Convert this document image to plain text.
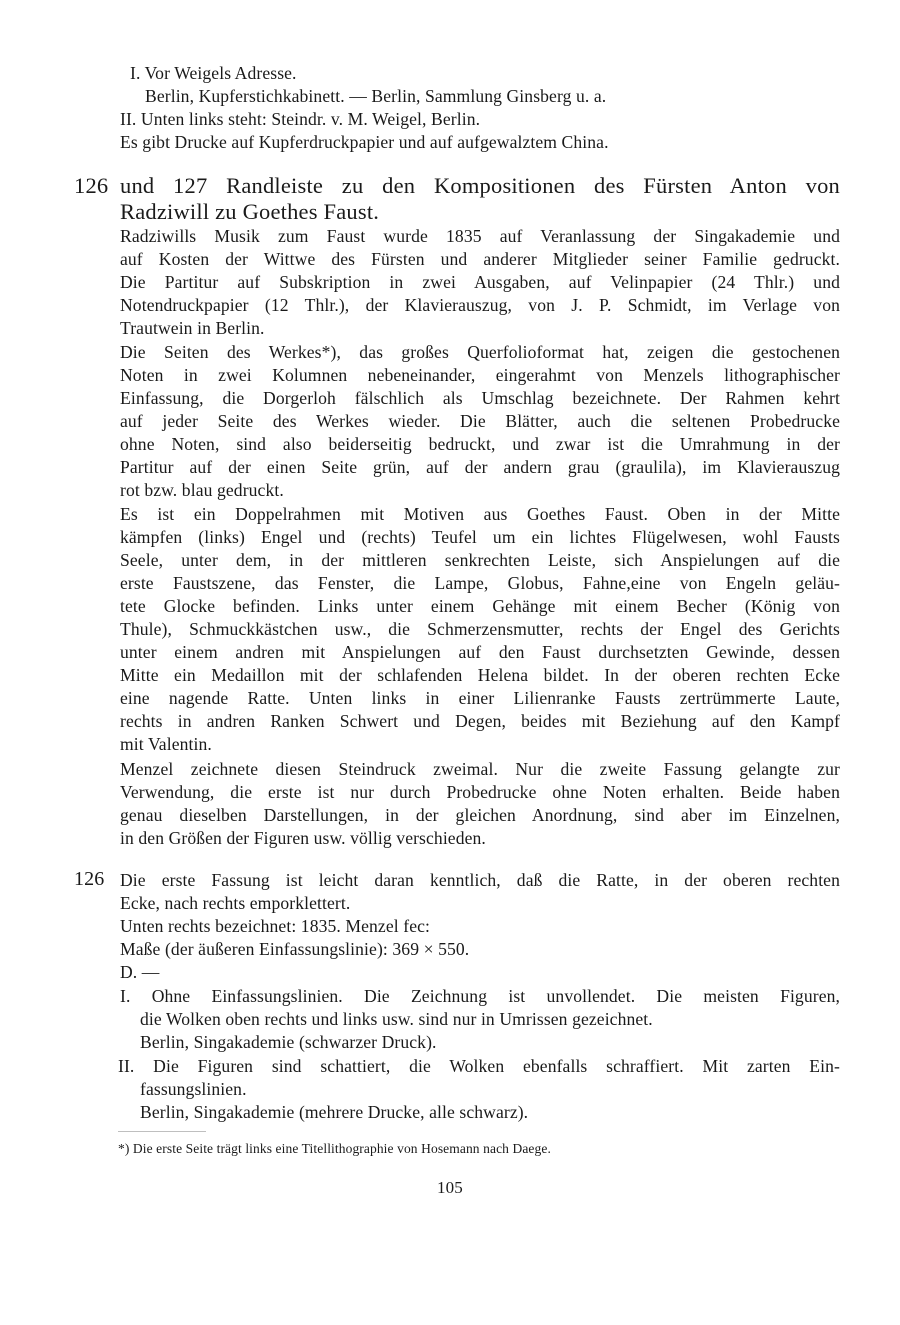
I. Vor Weigels Adresse.
Berlin, Kupferstichkabinett. — Berlin, Sammlung Ginsberg u. a.
II. Unten links steht: Steindr. v. M. Weigel, Berlin.
Es gibt Drucke auf Kupferdruckpapier und auf aufgewalztem China.
126 und 127 Randleiste zu den Kompositionen des Fürsten Anton von
Radziwill zu Goethes Faust.
Radziwills Musik zum Faust wurde 1835 auf Veranlassung der Singakademie und
auf Kosten der Wittwe des Fürsten und anderer Mitglieder seiner Familie gedruckt.
Die Partitur auf Subskription in zwei Ausgaben, auf Velinpapier (24 Thlr.) und
Notendruckpapier (12 Thlr.), der Klavierauszug, von J. P. Schmidt, im Verlage von
Trautwein in Berlin.
Die Seiten des Werkes*), das großes Querfolioformat hat, zeigen die gestochenen
Noten in zwei Kolumnen nebeneinander, eingerahmt von Menzels lithographischer
Einfassung, die Dorgerloh fälschlich als Umschlag bezeichnete. Der Rahmen kehrt
auf jeder Seite des Werkes wieder. Die Blätter, auch die seltenen Probedrucke
ohne Noten, sind also beiderseitig bedruckt, und zwar ist die Umrahmung in der
Partitur auf der einen Seite grün, auf der andern grau (graulila), im Klavierauszug
rot bzw. blau gedruckt.
Es ist ein Doppelrahmen mit Motiven aus Goethes Faust. Oben in der Mitte
kämpfen (links) Engel und (rechts) Teufel um ein lichtes Flügelwesen, wohl Fausts
Seele, unter dem, in der mittleren senkrechten Leiste, sich Anspielungen auf die
erste Faustszene, das Fenster, die Lampe, Globus, Fahne,eine von Engeln geläu-
tete Glocke befinden. Links unter einem Gehänge mit einem Becher (König von
Thule), Schmuckkästchen usw., die Schmerzensmutter, rechts der Engel des Gerichts
unter einem andren mit Anspielungen auf den Faust durchsetzten Gewinde, dessen
Mitte ein Medaillon mit der schlafenden Helena bildet. In der oberen rechten Ecke
eine nagende Ratte. Unten links in einer Lilienranke Fausts zertrümmerte Laute,
rechts in andren Ranken Schwert und Degen, beides mit Beziehung auf den Kampf
mit Valentin.
Menzel zeichnete diesen Steindruck zweimal. Nur die zweite Fassung gelangte zur
Verwendung, die erste ist nur durch Probedrucke ohne Noten erhalten. Beide haben
genau dieselben Darstellungen, in der gleichen Anordnung, sind aber im Einzelnen,
in den Größen der Figuren usw. völlig verschieden.
126 Die erste Fassung ist leicht daran kenntlich, daß die Ratte, in der oberen rechten
Ecke, nach rechts emporklettert.
Unten rechts bezeichnet: 1835. Menzel fec:
Maße (der äußeren Einfassungslinie): 369 × 550.
D. —
I. Ohne Einfassungslinien. Die Zeichnung ist unvollendet. Die meisten Figuren,
die Wolken oben rechts und links usw. sind nur in Umrissen gezeichnet.
Berlin, Singakademie (schwarzer Druck).
II. Die Figuren sind schattiert, die Wolken ebenfalls schraffiert. Mit zarten Ein-
fassungslinien.
Berlin, Singakademie (mehrere Drucke, alle schwarz).
*) Die erste Seite trägt links eine Titellithographie von Hosemann nach Daege.
105
